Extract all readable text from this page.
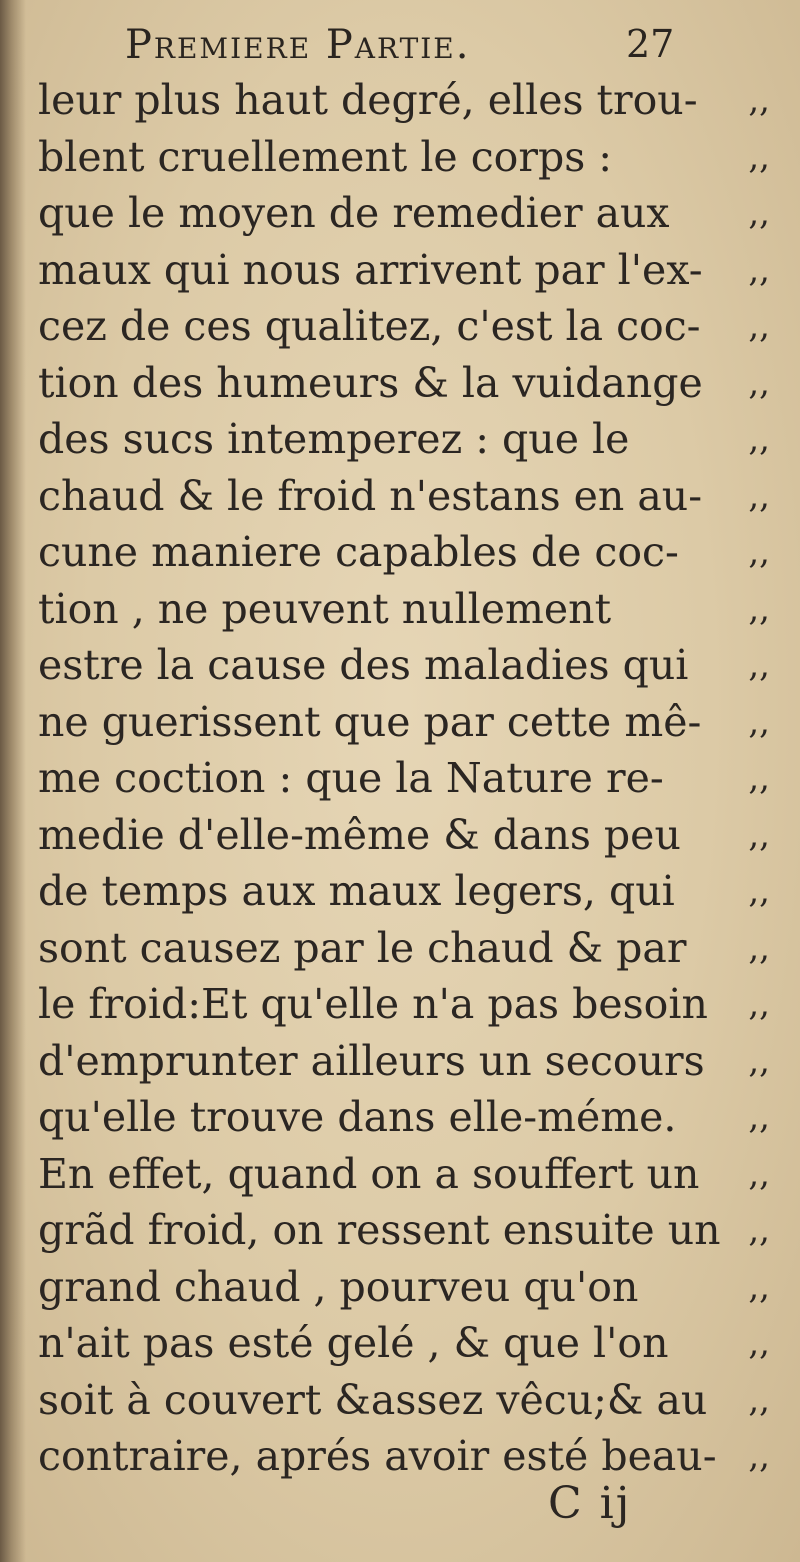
Premiere Partie.	27
leur plus haut degré, elles trou- ,,
blent cruellement le corps :	,,
que le moyen de remedier aux ,,
maux qui nous arrivent par l'ex- ,,
cez de ces qualitez, c'est la coc- ,,
tion des humeurs & la vuidange ,,
des sucs intemperez : que le	,,
chaud & le froid n'estans en au- ,,
cune maniere capables de coc- ,,
tion , ne peuvent nullement	,,
estre la cause des maladies qui ,,
ne guerissent que par cette mê- ,,
me coction : que la Nature re- ,,
medie d'elle-même & dans peu ,,
de temps aux maux legers, qui ,,
sont causez par le chaud & par ,,
le froid:Et qu'elle n'a pas besoin ,,
d'emprunter ailleurs un secours ,,
qu'elle trouve dans elle-méme. ,,
En effet, quand on a souffert un ,,
grãd froid, on ressent ensuite un ,,
grand chaud , pourveu qu'on	,,
n'ait pas esté gelé , & que l'on ,,
soit à couvert &assez vêcu;& au ,,
contraire, aprés avoir esté beau- ,,
C ij
